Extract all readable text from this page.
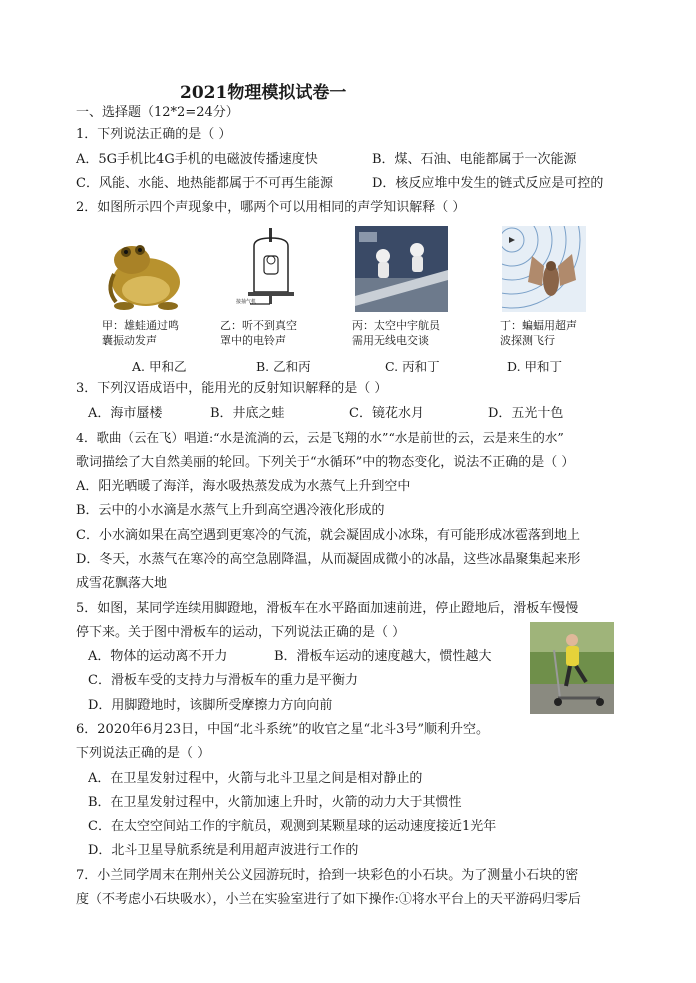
2021物理模拟试卷一
一、选择题（12*2=24分）
1．下列说法正确的是（ ）
A．5G手机比4G手机的电磁波传播速度快	B．煤、石油、电能都属于一次能源
C．风能、水能、地热能都属于不可再生能源	D．核反应堆中发生的链式反应是可控的
2．如图所示四个声现象中，哪两个可以用相同的声学知识解释（ ）
接抽气机
甲：雄蛙通过鸣
囊振动发声
乙：听不到真空
罩中的电铃声
丙：太空中宇航员
需用无线电交谈
丁：蝙蝠用超声
波探测飞行
A. 甲和乙	B. 乙和丙	C. 丙和丁	D. 甲和丁
3．下列汉语成语中，能用光的反射知识解释的是（ ）
A．海市蜃楼	B．井底之蛙	C．镜花水月	D．五光十色
4．歌曲（云在飞）唱道:“水是流淌的云，云是飞翔的水”“水是前世的云，云是来生的水”
歌词描绘了大自然美丽的轮回。下列关于“水循环”中的物态变化，说法不正确的是（ ）
A．阳光晒暖了海洋，海水吸热蒸发成为水蒸气上升到空中
B．云中的小水滴是水蒸气上升到高空遇冷液化形成的
C．小水滴如果在高空遇到更寒冷的气流，就会凝固成小冰珠，有可能形成冰雹落到地上
D．冬天，水蒸气在寒冷的高空急剧降温，从而凝固成微小的冰晶，这些冰晶聚集起来形
成雪花飘落大地
5．如图，某同学连续用脚蹬地，滑板车在水平路面加速前进，停止蹬地后，滑板车慢慢
停下来。关于图中滑板车的运动，下列说法正确的是（ ）
A．物体的运动离不开力	B．滑板车运动的速度越大，惯性越大
C．滑板车受的支持力与滑板车的重力是平衡力
D．用脚蹬地时，该脚所受摩擦力方向向前
6．2020年6月23日，中国“北斗系统”的收官之星“北斗3号”顺利升空。
下列说法正确的是（ ）
A．在卫星发射过程中，火箭与北斗卫星之间是相对静止的
B．在卫星发射过程中，火箭加速上升时，火箭的动力大于其惯性
C．在太空空间站工作的宇航员，观测到某颗星球的运动速度接近1光年
D．北斗卫星导航系统是利用超声波进行工作的
7．小兰同学周末在荆州关公义园游玩时，拾到一块彩色的小石块。为了测量小石块的密
度（不考虑小石块吸水），小兰在实验室进行了如下操作:①将水平台上的天平游码归零后
